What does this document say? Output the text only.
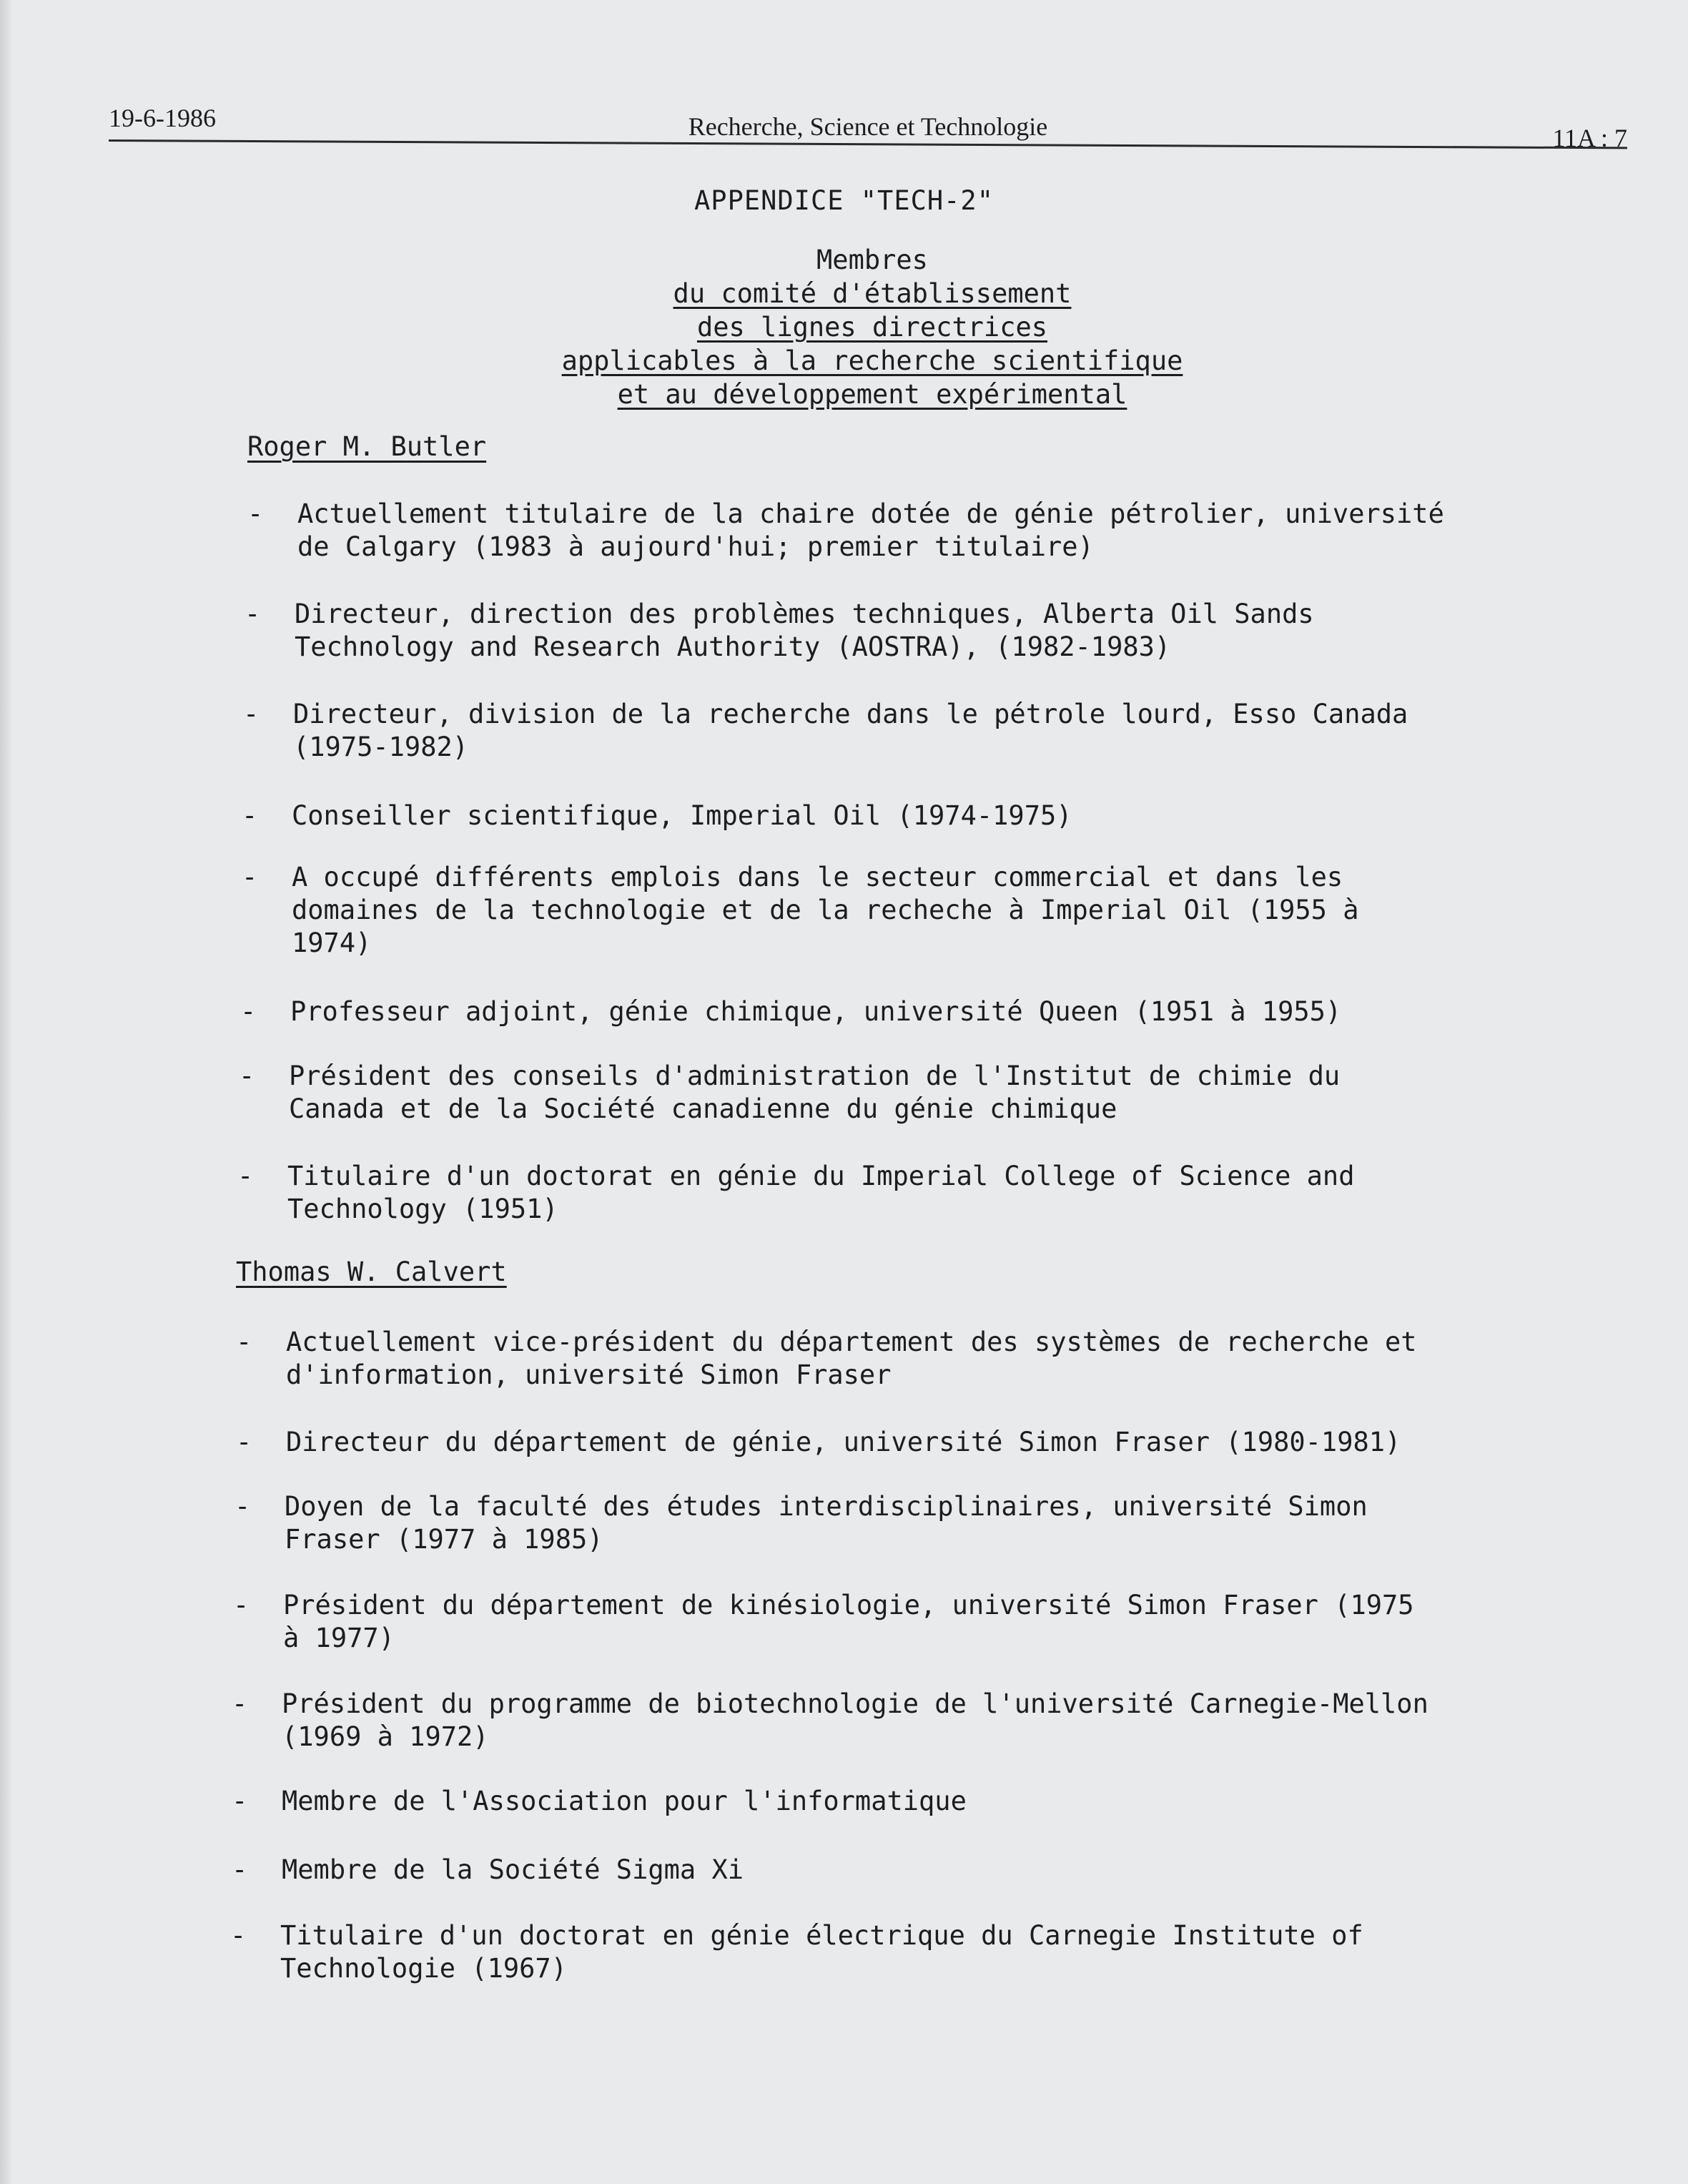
19-6-1986	Recherche, Science et Technologie	11A : 7
APPENDICE "TECH-2"
Membres
du comité d'établissement
des lignes directrices
applicables à la recherche scientifique
et au développement expérimental
Roger M. Butler
- Actuellement titulaire de la chaire dotée de génie pétrolier, université
de Calgary (1983 à aujourd'hui; premier titulaire)
- Directeur, direction des problèmes techniques, Alberta Oil Sands
Technology and Research Authority (AOSTRA), (1982-1983)
- Directeur, division de la recherche dans le pétrole lourd, Esso Canada
(1975-1982)
- Conseiller scientifique, Imperial Oil (1974-1975)
- A occupé différents emplois dans le secteur commercial et dans les
domaines de la technologie et de la recheche à Imperial Oil (1955 à
1974)
- Professeur adjoint, génie chimique, université Queen (1951 à 1955)
- Président des conseils d'administration de l'Institut de chimie du
Canada et de la Société canadienne du génie chimique
- Titulaire d'un doctorat en génie du Imperial College of Science and
Technology (1951)
Thomas W. Calvert
- Actuellement vice-président du département des systèmes de recherche et
d'information, université Simon Fraser
- Directeur du département de génie, université Simon Fraser (1980-1981)
- Doyen de la faculté des études interdisciplinaires, université Simon
Fraser (1977 à 1985)
- Président du département de kinésiologie, université Simon Fraser (1975
à 1977)
- Président du programme de biotechnologie de l'université Carnegie-Mellon
(1969 à 1972)
- Membre de l'Association pour l'informatique
- Membre de la Société Sigma Xi
- Titulaire d'un doctorat en génie électrique du Carnegie Institute of
Technologie (1967)
